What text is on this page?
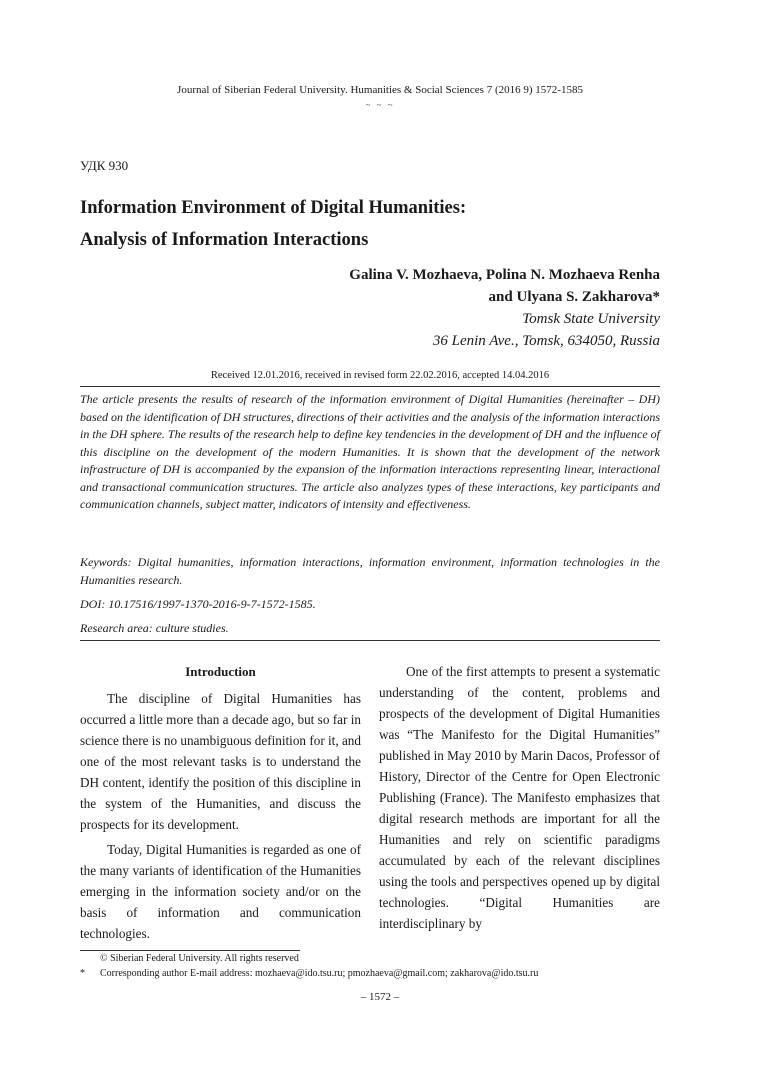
Journal of Siberian Federal University. Humanities & Social Sciences 7 (2016 9) 1572-1585
~ ~ ~
УДК 930
Information Environment of Digital Humanities:
Analysis of Information Interactions
Galina V. Mozhaeva, Polina N. Mozhaeva Renha
and Ulyana S. Zakharova*
Tomsk State University
36 Lenin Ave., Tomsk, 634050, Russia
Received 12.01.2016, received in revised form 22.02.2016, accepted 14.04.2016

The article presents the results of research of the information environment of Digital Humanities (hereinafter – DH) based on the identification of DH structures, directions of their activities and the analysis of the information interactions in the DH sphere. The results of the research help to define key tendencies in the development of DH and the influence of this discipline on the development of the modern Humanities. It is shown that the development of the network infrastructure of DH is accompanied by the expansion of the information interactions representing linear, interactional and transactional communication structures. The article also analyzes types of these interactions, key participants and communication channels, subject matter, indicators of intensity and effectiveness.

Keywords: Digital humanities, information interactions, information environment, information technologies in the Humanities research.
DOI: 10.17516/1997-1370-2016-9-7-1572-1585.
Research area: culture studies.

Introduction

The discipline of Digital Humanities has occurred a little more than a decade ago, but so far in science there is no unambiguous definition for it, and one of the most relevant tasks is to understand the DH content, identify the position of this discipline in the system of the Humanities, and discuss the prospects for its development.

Today, Digital Humanities is regarded as one of the many variants of identification of the Humanities emerging in the information society and/or on the basis of information and communication technologies.

One of the first attempts to present a systematic understanding of the content, problems and prospects of the development of Digital Humanities was “The Manifesto for the Digital Humanities” published in May 2010 by Marin Dacos, Professor of History, Director of the Centre for Open Electronic Publishing (France). The Manifesto emphasizes that digital research methods are important for all the Humanities and rely on scientific paradigms accumulated by each of the relevant disciplines using the tools and perspectives opened up by digital technologies. “Digital Humanities are interdisciplinary by

© Siberian Federal University. All rights reserved
* Corresponding author E-mail address: mozhaeva@ido.tsu.ru; pmozhaeva@gmail.com; zakharova@ido.tsu.ru
– 1572 –
